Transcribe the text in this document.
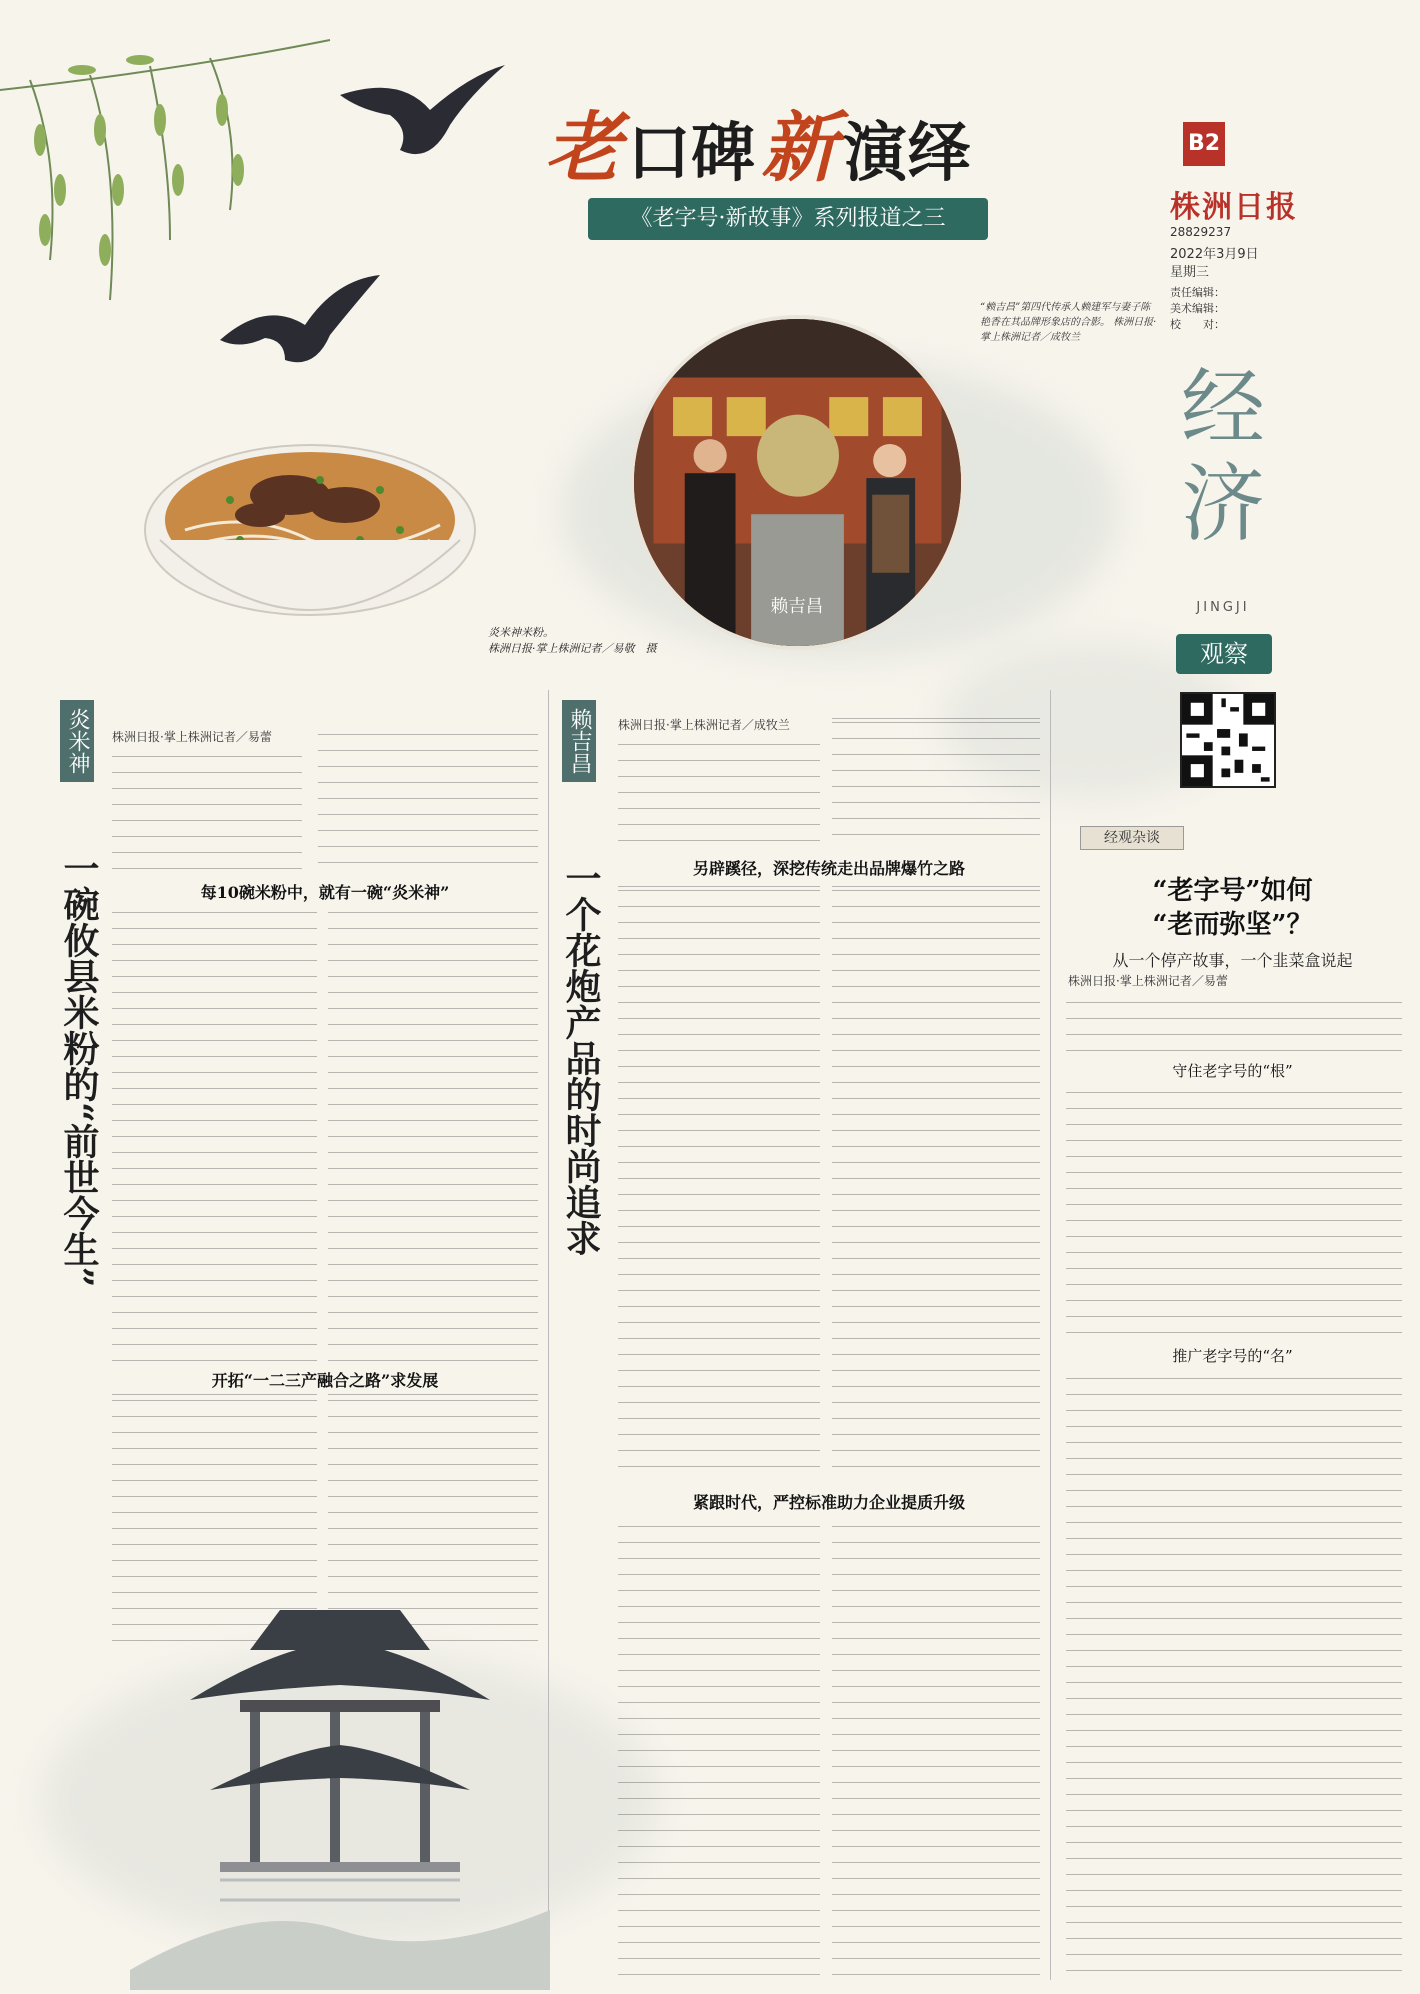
老 口碑 新 演绎
《老字号·新故事》系列报道之三
B2
株洲日报
28829237
2022年3月9日
星期三
责任编辑：
美术编辑：
校　　对：
经济
JINGJI
观察
“赖吉昌”第四代传承人赖建军与妻子陈艳香在其品牌形象店的合影。 株洲日报·掌上株洲记者／成牧兰
赖吉昌
炎米神米粉。
株洲日报·掌上株洲记者／易敬　摄
炎米神
一碗攸县米粉的“前世今生”
株洲日报·掌上株洲记者／易蕾
每10碗米粉中，就有一碗“炎米神”
开拓“一二三产融合之路”求发展
赖吉昌
一个花炮产品的时尚追求
株洲日报·掌上株洲记者／成牧兰
另辟蹊径，深挖传统走出品牌爆竹之路
紧跟时代，严控标准助力企业提质升级
经观杂谈
“老字号”如何
“老而弥坚”？
从一个停产故事，一个韭菜盒说起
株洲日报·掌上株洲记者／易蕾
守住老字号的“根”
推广老字号的“名”
